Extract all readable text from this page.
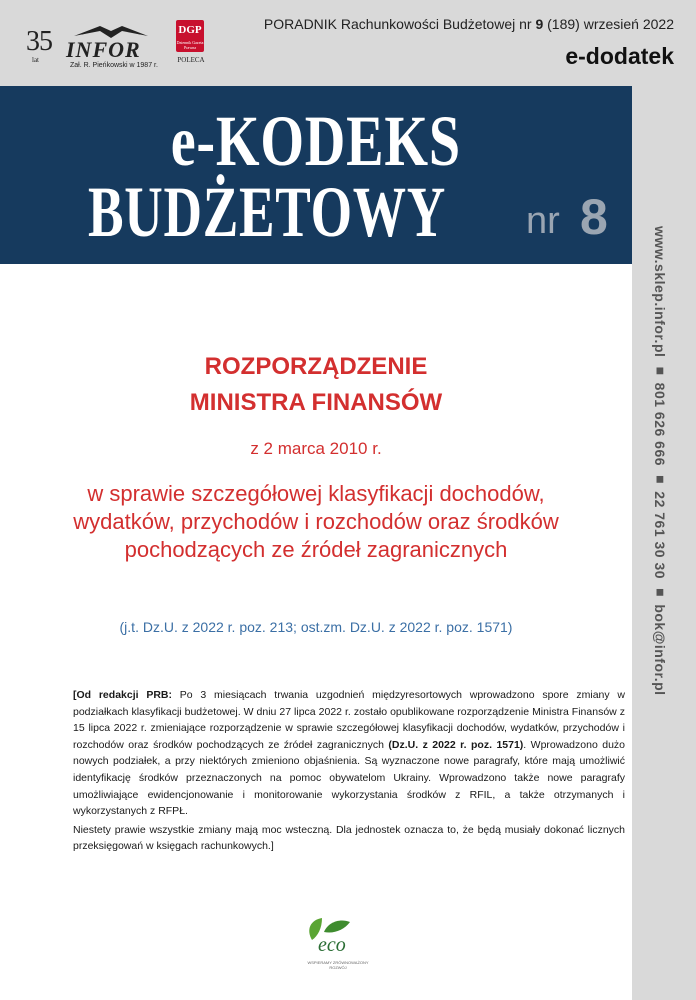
35
lat INFOR
Zał. R. Pieńkowski w 1987 r.
DGP
Dziennik Gazeta Prawna
POLECA
PORADNIK Rachunkowości Budżetowej nr 9 (189) wrzesień 2022
e-dodatek
e-KODEKS
BUDŻETOWY nr 8
www.sklep.infor.pl ■ 801 626 666 ■ 22 761 30 30 ■ bok@infor.pl
ROZPORZĄDZENIE
MINISTRA FINANSÓW
z 2 marca 2010 r.
w sprawie szczegółowej klasyfikacji dochodów, wydatków, przychodów i rozchodów oraz środków pochodzących ze źródeł zagranicznych
(j.t. Dz.U. z 2022 r. poz. 213; ost.zm. Dz.U. z 2022 r. poz. 1571)

[Od redakcji PRB: Po 3 miesiącach trwania uzgodnień międzyresortowych wprowadzono spore zmiany w podziałkach klasyfikacji budżetowej. W dniu 27 lipca 2022 r. zostało opublikowane rozporządzenie Ministra Finansów z 15 lipca 2022 r. zmieniające rozporządzenie w sprawie szczegółowej klasyfikacji dochodów, wydatków, przychodów i rozchodów oraz środków pochodzących ze źródeł zagranicznych (Dz.U. z 2022 r. poz. 1571). Wprowadzono dużo nowych podziałek, a przy niektórych zmieniono objaśnienia. Są wyznaczone nowe paragrafy, które mają umożliwić identyfikację środków przeznaczonych na pomoc obywatelom Ukrainy. Wprowadzono także nowe paragrafy umożliwiające ewidencjonowanie i monitorowanie wykorzystania środków z RFIL, a także otrzymanych i wykorzystanych z RFPŁ.

Niestety prawie wszystkie zmiany mają moc wsteczną. Dla jednostek oznacza to, że będą musiały dokonać licznych przeksięgowań w księgach rachunkowych.]

eco
WSPIERAMY ZRÓWNOWAŻONY ROZWÓJ
